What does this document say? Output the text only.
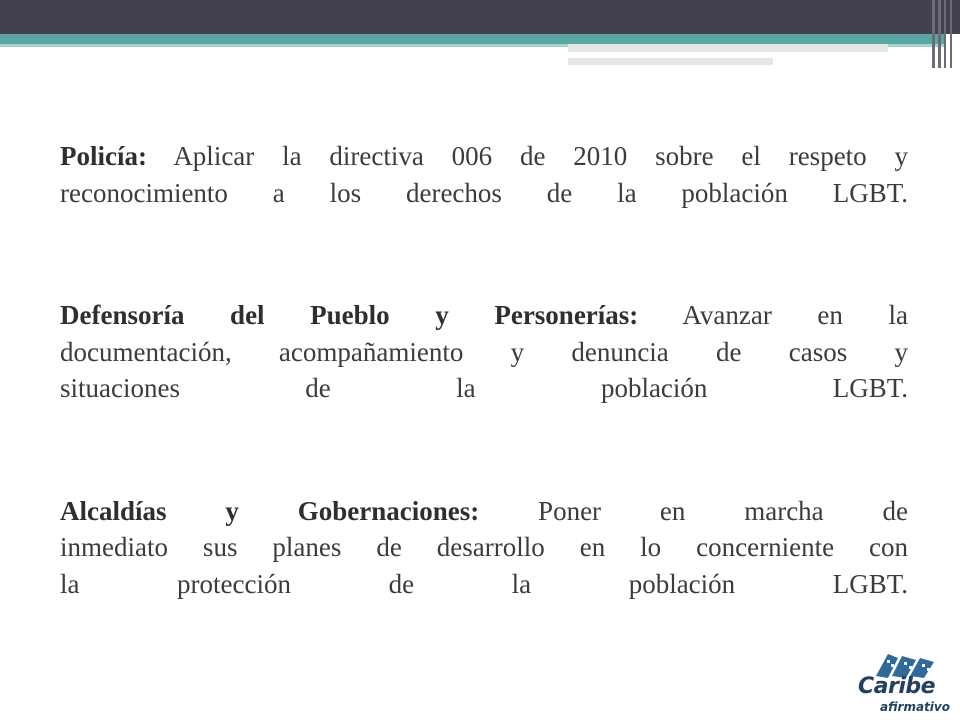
Policía: Aplicar la directiva 006 de 2010 sobre el respeto y

reconocimiento a los derechos de la población LGBT.

Defensoría del Pueblo y Personerías: Avanzar en la

documentación, acompañamiento y denuncia de casos y

situaciones de la población LGBT.

Alcaldías y Gobernaciones: Poner en marcha de

inmediato sus planes de desarrollo en lo concerniente con

la protección de la población LGBT.

Caribe
afirmativo
